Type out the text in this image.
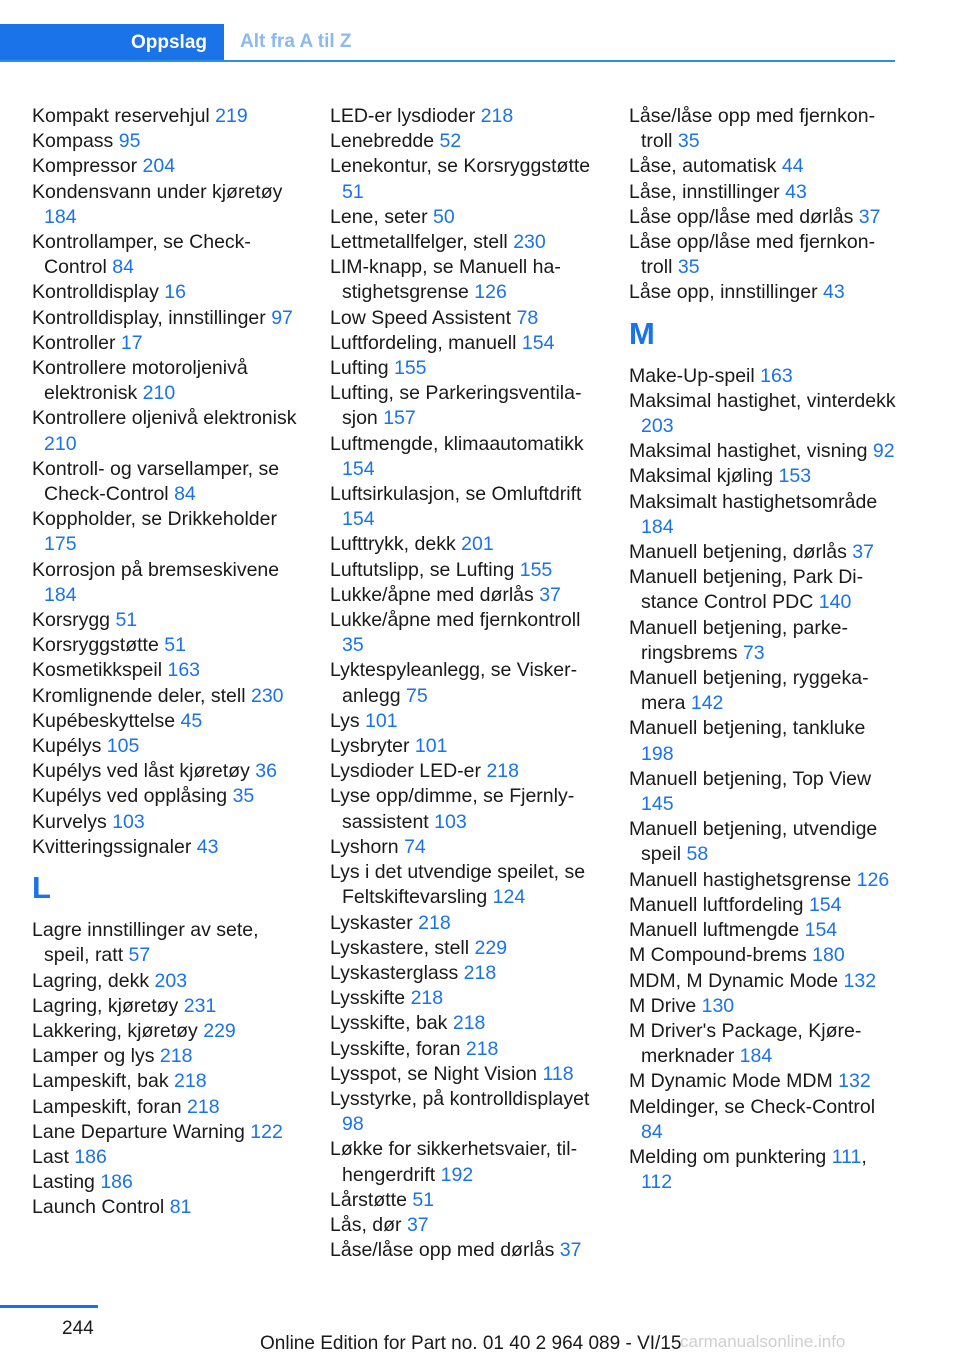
Oppslag	Alt fra A til Z
Kompakt reservehjul 219
Kompass 95
Kompressor 204
Kondensvann under kjøretøy 184
Kontrollamper, se Check-Control 84
Kontrolldisplay 16
Kontrolldisplay, innstillinger 97
Kontroller 17
Kontrollere motoroljenivå elektronisk 210
Kontrollere oljenivå elektronisk 210
Kontroll- og varsellamper, se Check-Control 84
Koppholder, se Drikkeholder 175
Korrosjon på bremseskivene 184
Korsrygg 51
Korsryggstøtte 51
Kosmetikkspeil 163
Kromlignende deler, stell 230
Kupébeskyttelse 45
Kupélys 105
Kupélys ved låst kjøretøy 36
Kupélys ved opplåsing 35
Kurvelys 103
Kvitteringssignaler 43
L
Lagre innstillinger av sete, speil, ratt 57
Lagring, dekk 203
Lagring, kjøretøy 231
Lakkering, kjøretøy 229
Lamper og lys 218
Lampeskift, bak 218
Lampeskift, foran 218
Lane Departure Warning 122
Last 186
Lasting 186
Launch Control 81
LED-er lysdioder 218
Lenebredde 52
Lenekontur, se Korsryggstøtte 51
Lene, seter 50
Lettmetallfelger, stell 230
LIM-knapp, se Manuell hastighetsgrense 126
Low Speed Assistent 78
Luftfordeling, manuell 154
Lufting 155
Lufting, se Parkeringsventilasjon 157
Luftmengde, klimaautomatikk 154
Luftsirkulasjon, se Omluftdrift 154
Lufttrykk, dekk 201
Luftutslipp, se Lufting 155
Lukke/åpne med dørlås 37
Lukke/åpne med fjernkontroll 35
Lyktespyleanlegg, se Viskeranlegg 75
Lys 101
Lysbryter 101
Lysdioder LED-er 218
Lyse opp/dimme, se Fjernlysassistent 103
Lyshorn 74
Lys i det utvendige speilet, se Feltskiftevarsling 124
Lyskaster 218
Lyskastere, stell 229
Lyskasterglass 218
Lysskifte 218
Lysskifte, bak 218
Lysskifte, foran 218
Lysspot, se Night Vision 118
Lysstyrke, på kontrolldisplayet 98
Løkke for sikkerhetsvaier, tilhengerdrift 192
Lårstøtte 51
Lås, dør 37
Låse/låse opp med dørlås 37
Låse/låse opp med fjernkontroll 35
Låse, automatisk 44
Låse, innstillinger 43
Låse opp/låse med dørlås 37
Låse opp/låse med fjernkontroll 35
Låse opp, innstillinger 43
M
Make-Up-speil 163
Maksimal hastighet, vinterdekk 203
Maksimal hastighet, visning 92
Maksimal kjøling 153
Maksimalt hastighetsområde 184
Manuell betjening, dørlås 37
Manuell betjening, Park Distance Control PDC 140
Manuell betjening, parkeringsbrems 73
Manuell betjening, ryggekamera 142
Manuell betjening, tankluke 198
Manuell betjening, Top View 145
Manuell betjening, utvendige speil 58
Manuell hastighetsgrense 126
Manuell luftfordeling 154
Manuell luftmengde 154
M Compound-brems 180
MDM, M Dynamic Mode 132
M Drive 130
M Driver's Package, Kjøremerknader 184
M Dynamic Mode MDM 132
Meldinger, se Check-Control 84
Melding om punktering 111, 112
244
Online Edition for Part no. 01 40 2 964 089 - VI/15
carmanualsonline.info
